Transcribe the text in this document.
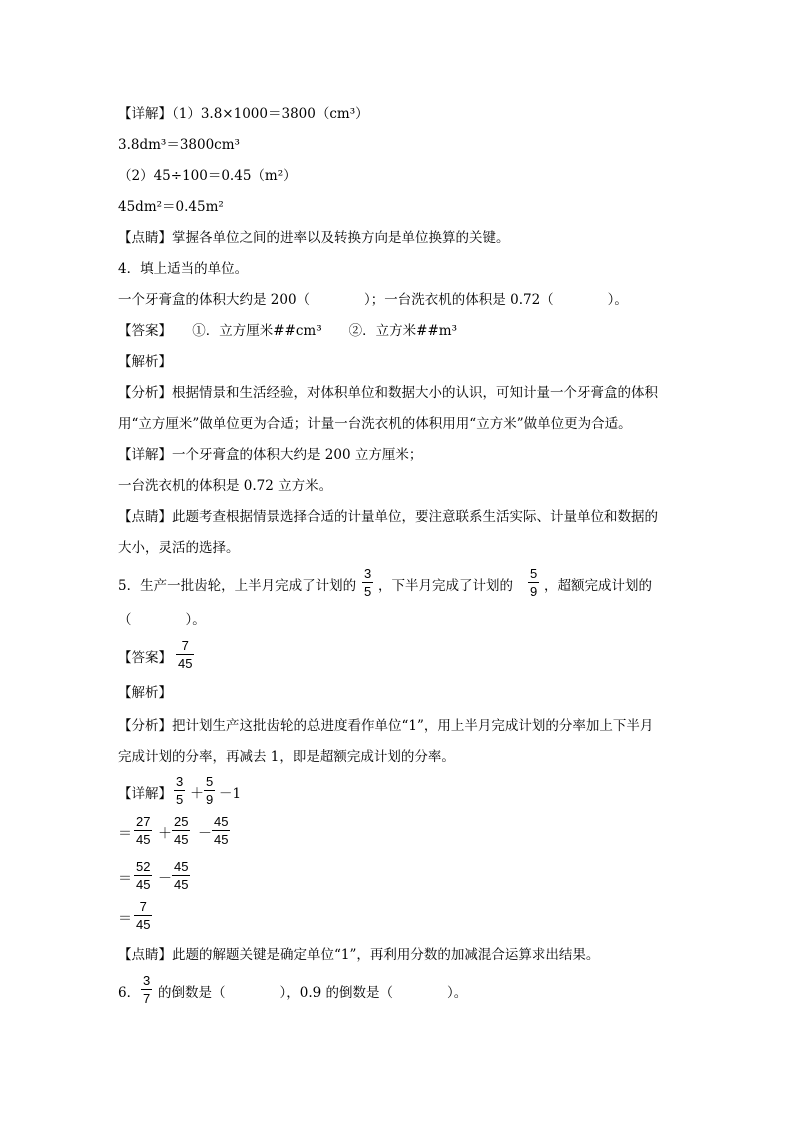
【详解】（1）3.8×1000＝3800（cm³）
3.8dm³＝3800cm³
（2）45÷100＝0.45（m²）
45dm²＝0.45m²
【点睛】掌握各单位之间的进率以及转换方向是单位换算的关键。
4．填上适当的单位。
一个牙膏盒的体积大约是 200（　　　　）；一台洗衣机的体积是 0.72（　　　　）。
【答案】　　①．立方厘米##cm³　　②．立方米##m³
【解析】
【分析】根据情景和生活经验，对体积单位和数据大小的认识，可知计量一个牙膏盒的体积
用“立方厘米”做单位更为合适；计量一台洗衣机的体积用用“立方米”做单位更为合适。
【详解】一个牙膏盒的体积大约是 200 立方厘米；
一台洗衣机的体积是 0.72 立方米。
【点睛】此题考查根据情景选择合适的计量单位，要注意联系生活实际、计量单位和数据的
大小，灵活的选择。
5．生产一批齿轮，上半月完成了计划的
3
5 ，下半月完成了计划的
5
9 ，超额完成计划的
（　　　　）。
【答案】
7
45
【解析】
【分析】把计划生产这批齿轮的总进度看作单位“1”，用上半月完成计划的分率加上下半月
完成计划的分率，再减去 1，即是超额完成计划的分率。
【详解】
3
5 ＋
5
9 －1
＝
27
45 ＋
25
45 －
45
45
＝
52
45 －
45
45
＝
7
45
【点睛】此题的解题关键是确定单位“1”，再利用分数的加减混合运算求出结果。
6．
3
7 的倒数是（　　　　），0.9 的倒数是（　　　　）。
